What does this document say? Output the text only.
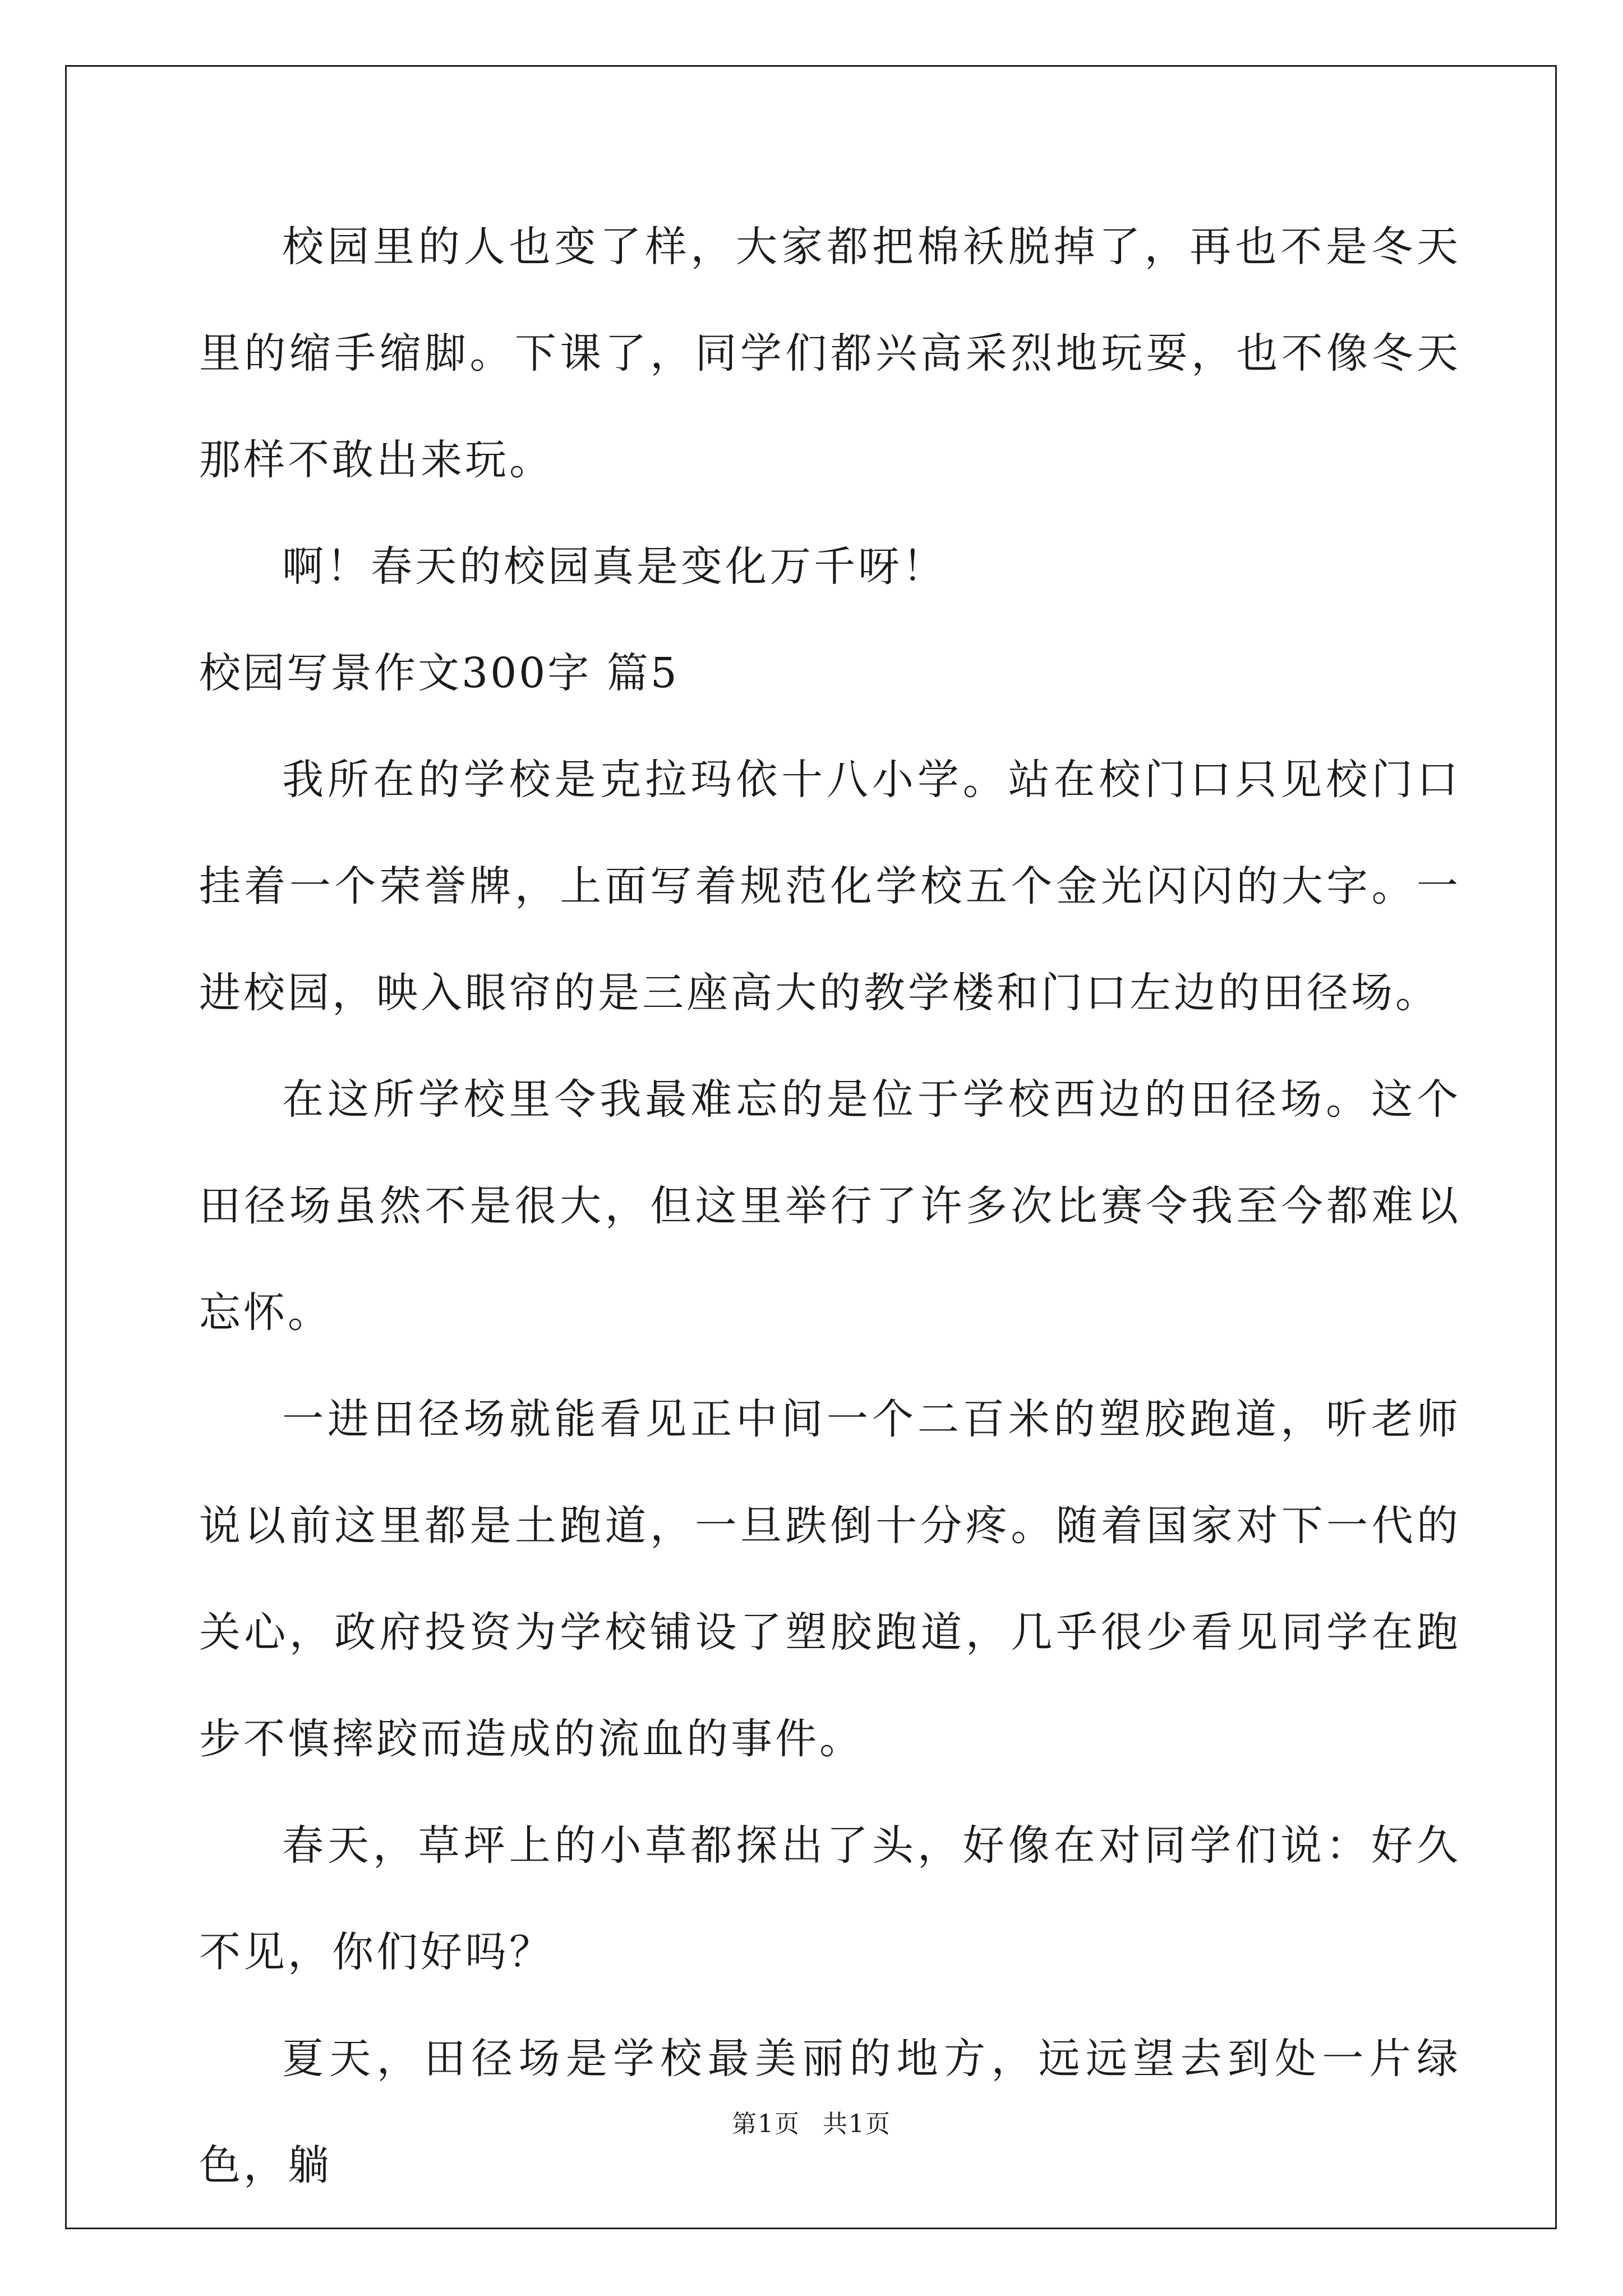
校园里的人也变了样，大家都把棉袄脱掉了，再也不是冬天里的缩手缩脚。下课了，同学们都兴高采烈地玩耍，也不像冬天那样不敢出来玩。

啊！春天的校园真是变化万千呀！

校园写景作文300字 篇5

我所在的学校是克拉玛依十八小学。站在校门口只见校门口挂着一个荣誉牌，上面写着规范化学校五个金光闪闪的大字。一进校园，映入眼帘的是三座高大的教学楼和门口左边的田径场。

在这所学校里令我最难忘的是位于学校西边的田径场。这个田径场虽然不是很大，但这里举行了许多次比赛令我至今都难以忘怀。

一进田径场就能看见正中间一个二百米的塑胶跑道，听老师说以前这里都是土跑道，一旦跌倒十分疼。随着国家对下一代的关心，政府投资为学校铺设了塑胶跑道，几乎很少看见同学在跑步不慎摔跤而造成的流血的事件。

春天，草坪上的小草都探出了头，好像在对同学们说：好久不见，你们好吗？

夏天，田径场是学校最美丽的地方，远远望去到处一片绿色，躺

第1页 共1页
